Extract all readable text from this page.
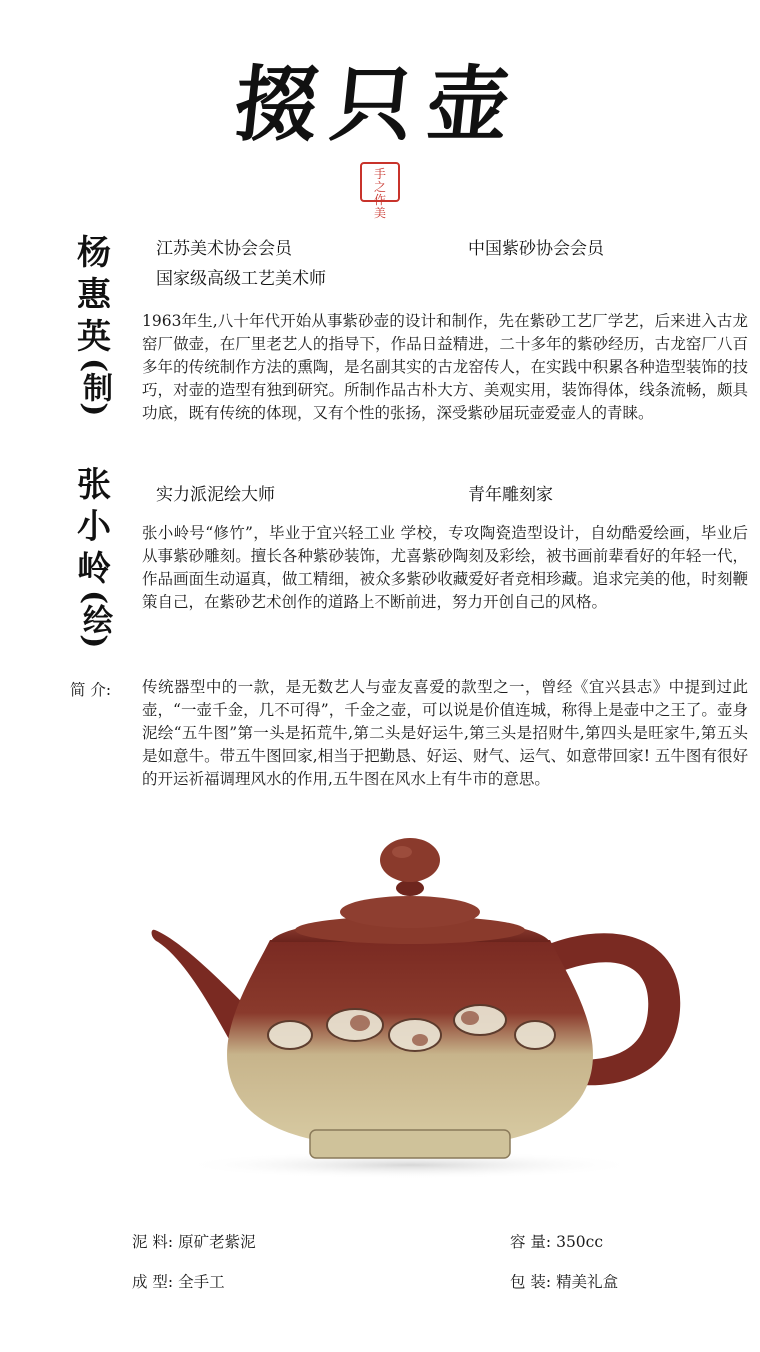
掇只壶
手
之
作
美
杨
惠
英
(制)
江苏美术协会会员	中国紫砂协会会员
国家级高级工艺美术师
1963年生,八十年代开始从事紫砂壶的设计和制作，先在紫砂工艺厂学艺，后来进入古龙窑厂做壶，在厂里老艺人的指导下，作品日益精进，二十多年的紫砂经历，古龙窑厂八百多年的传统制作方法的熏陶，是名副其实的古龙窑传人，在实践中积累各种造型装饰的技巧，对壶的造型有独到研究。所制作品古朴大方、美观实用，装饰得体，线条流畅，颇具功底，既有传统的体现，又有个性的张扬，深受紫砂届玩壶爱壶人的青睐。
张
小
岭
(绘)
实力派泥绘大师	青年雕刻家
张小岭号“修竹”，毕业于宜兴轻工业 学校，专攻陶瓷造型设计，自幼酷爱绘画，毕业后从事紫砂雕刻。擅长各种紫砂装饰，尤喜紫砂陶刻及彩绘，被书画前辈看好的年轻一代，作品画面生动逼真，做工精细，被众多紫砂收藏爱好者竞相珍藏。追求完美的他，时刻鞭策自己，在紫砂艺术创作的道路上不断前进，努力开创自己的风格。
简 介: 传统器型中的一款，是无数艺人与壶友喜爱的款型之一，曾经《宜兴县志》中提到过此壶，“一壶千金，几不可得”，千金之壶，可以说是价值连城，称得上是壶中之王了。壶身泥绘“五牛图”第一头是拓荒牛,第二头是好运牛,第三头是招财牛,第四头是旺家牛,第五头是如意牛。带五牛图回家,相当于把勤恳、好运、财气、运气、如意带回家! 五牛图有很好的开运祈福调理风水的作用,五牛图在风水上有牛市的意思。
泥 料: 原矿老紫泥	容 量: 350cc
成 型: 全手工	包 装: 精美礼盒
